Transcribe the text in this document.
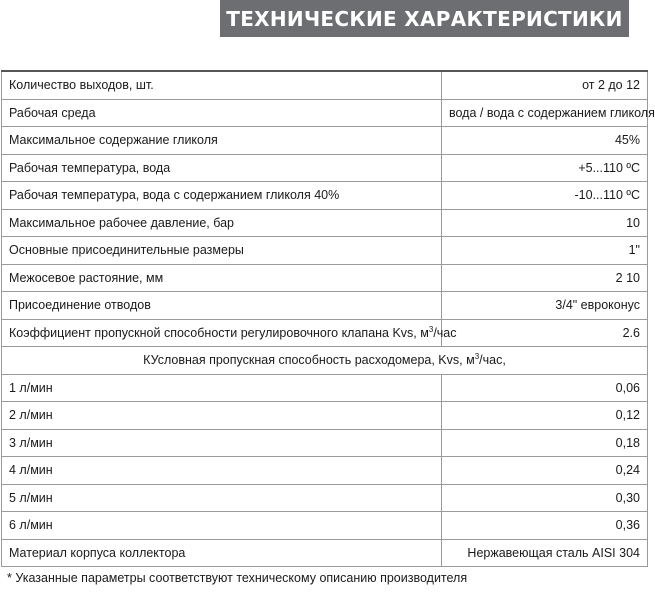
ТЕХНИЧЕСКИЕ ХАРАКТЕРИСТИКИ
Количество выходов, шт.	от 2 до 12
Рабочая среда	вода / вода с содержанием гликоля
Максимальное содержание гликоля	45%
Рабочая температура, вода	+5...110 ºC
Рабочая температура, вода с содержанием гликоля 40%	-10...110 ºC
Максимальное рабочее давление, бар	10
Основные присоединительные размеры	1"
Межосевое растояние, мм	2 10
Присоединение отводов	3/4" евроконус
Коэффициент пропускной способности регулировочного клапана Kvs, $м^3$/час	2.6
КУсловная пропускная способность расходомера, Kvs, $м^3$/час,	
1 л/мин	0,06
2 л/мин	0,12
3 л/мин	0,18
4 л/мин	0,24
5 л/мин	0,30
6 л/мин	0,36
Материал корпуса коллектора	Нержавеющая сталь AISI 304
* Указанные параметры соответствуют техническому описанию производителя
